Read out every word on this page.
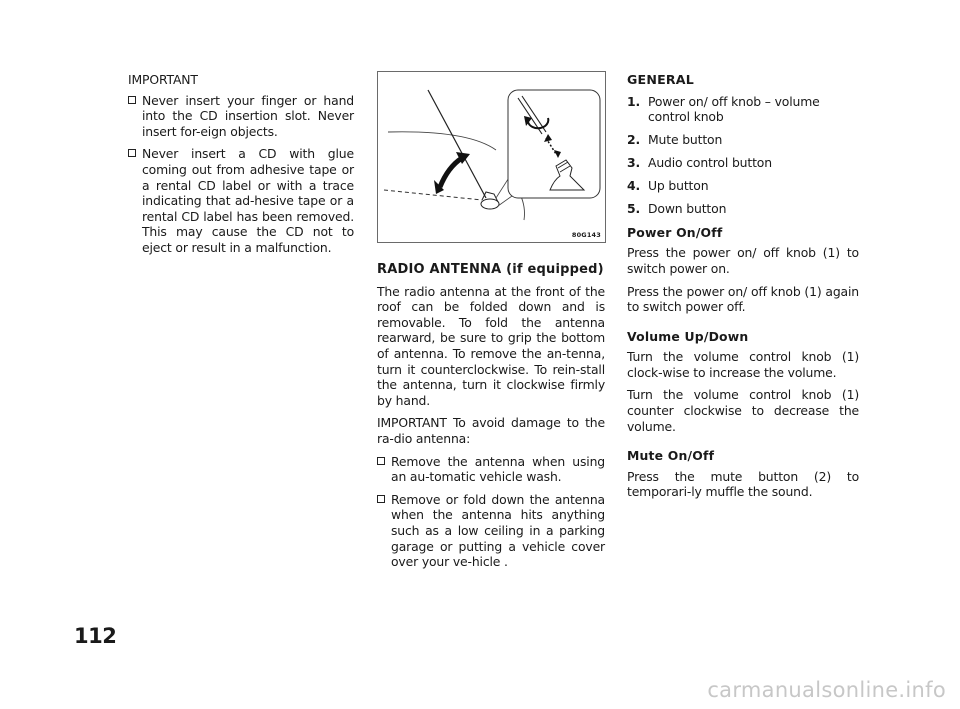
IMPORTANT

Never insert your finger or hand into the CD insertion slot. Never insert for-eign objects.
Never insert a CD with glue coming out from adhesive tape or a rental CD label or with a trace indicating that ad-hesive tape or a rental CD label has been removed. This may cause the CD not to eject or result in a malfunction.
80G143
RADIO ANTENNA (if equipped)

The radio antenna at the front of the roof can be folded down and is removable. To fold the antenna rearward, be sure to grip the bottom of antenna. To remove the an-tenna, turn it counterclockwise. To rein-stall the antenna, turn it clockwise firmly by hand.

IMPORTANT To avoid damage to the ra-dio antenna:

Remove the antenna when using an au-tomatic vehicle wash.
Remove or fold down the antenna when the antenna hits anything such as a low ceiling in a parking garage or putting a vehicle cover over your ve-hicle .
GENERAL
1. Power on/ off knob – volume control knob
2. Mute button
3. Audio control button
4. Up button
5. Down button
Power On/Off

Press the power on/ off knob (1) to switch power on.

Press the power on/ off knob (1) again to switch power off.

Volume Up/Down

Turn the volume control knob (1) clock-wise to increase the volume.

Turn the volume control knob (1) counter clockwise to decrease the volume.

Mute On/Off

Press the mute button (2) to temporari-ly muffle the sound.

112
carmanualsonline.info
